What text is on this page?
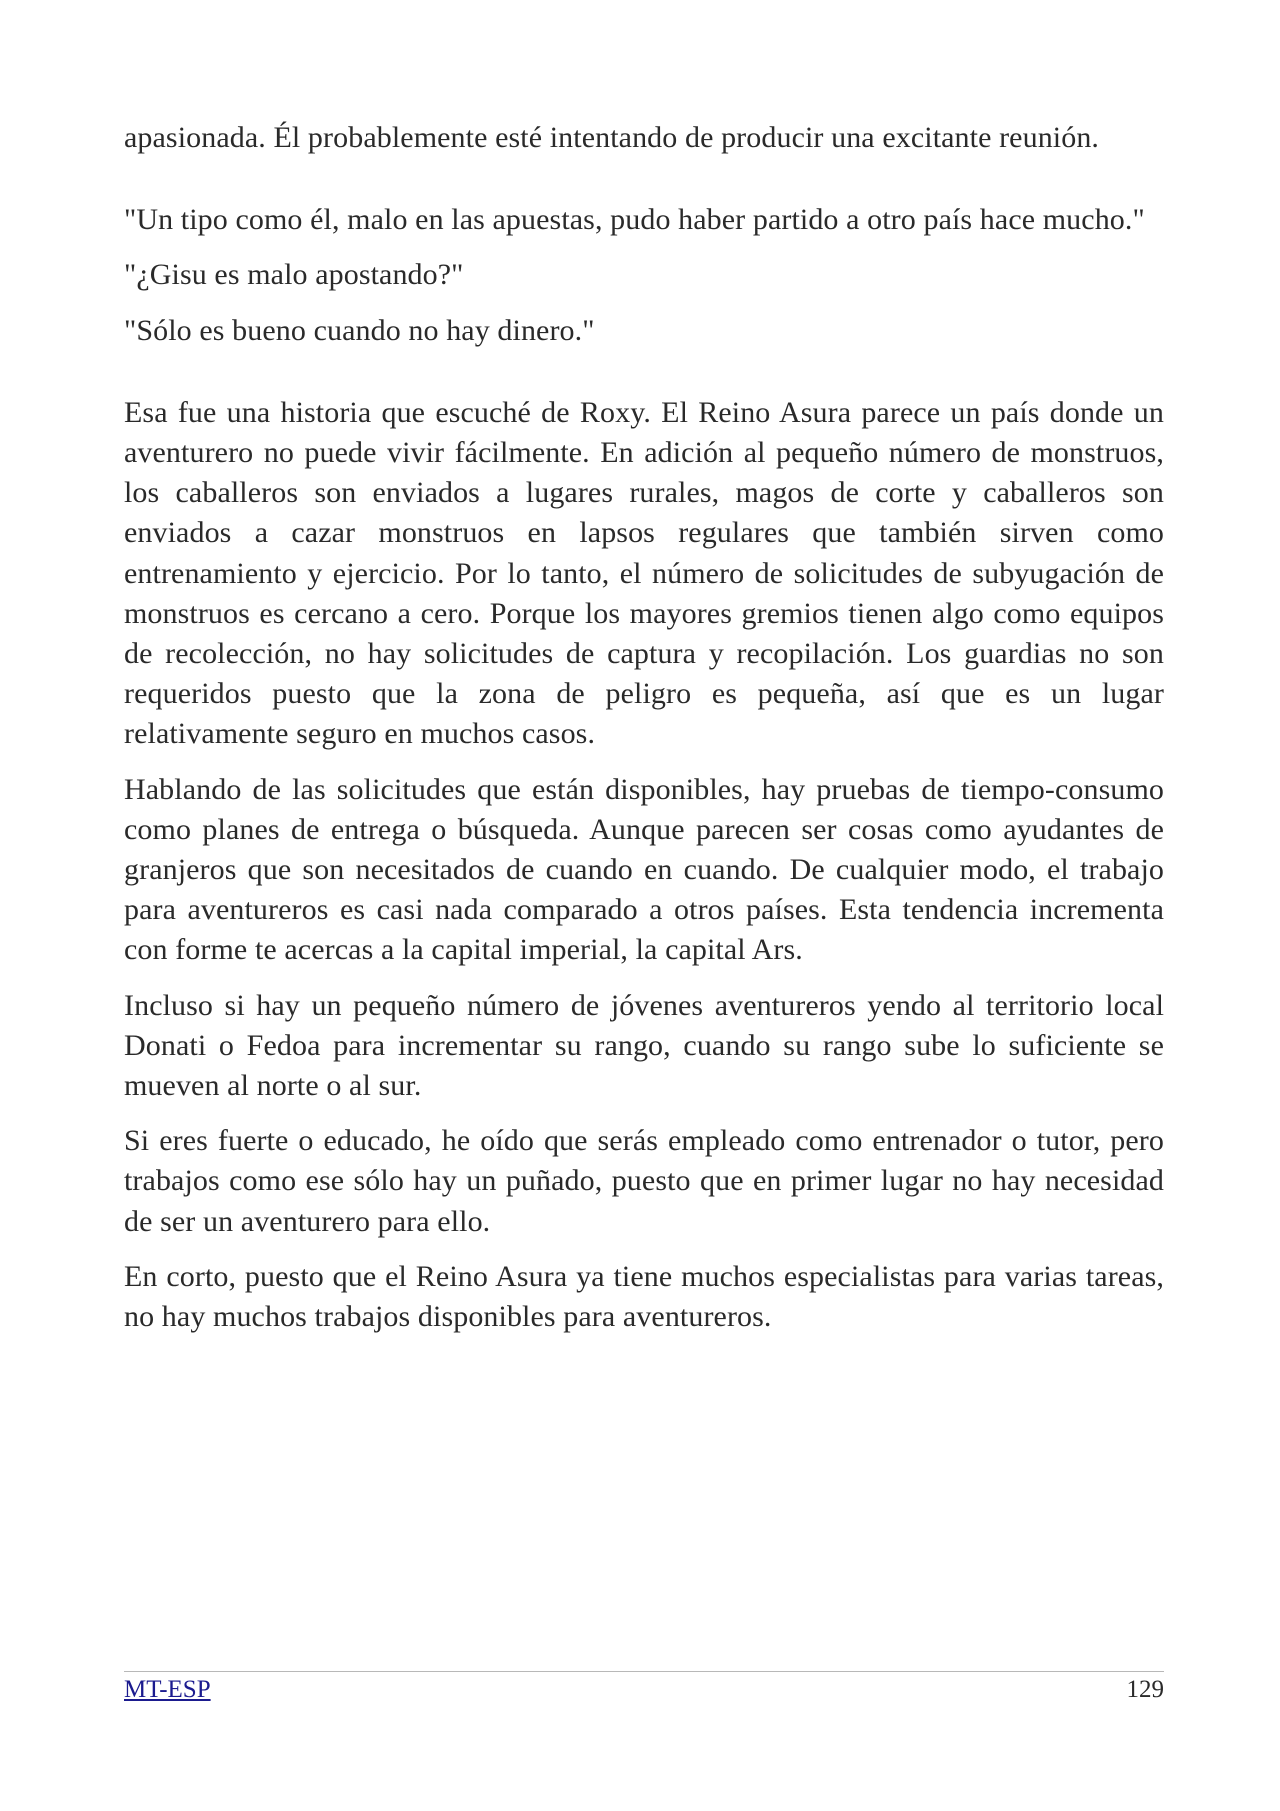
apasionada. Él probablemente esté intentando de producir una excitante reunión.

"Un tipo como él, malo en las apuestas, pudo haber partido a otro país hace mucho."

"¿Gisu es malo apostando?"

"Sólo es bueno cuando no hay dinero."

Esa fue una historia que escuché de Roxy. El Reino Asura parece un país donde un aventurero no puede vivir fácilmente. En adición al pequeño número de monstruos, los caballeros son enviados a lugares rurales, magos de corte y caballeros son enviados a cazar monstruos en lapsos regulares que también sirven como entrenamiento y ejercicio. Por lo tanto, el número de solicitudes de subyugación de monstruos es cercano a cero. Porque los mayores gremios tienen algo como equipos de recolección, no hay solicitudes de captura y recopilación. Los guardias no son requeridos puesto que la zona de peligro es pequeña, así que es un lugar relativamente seguro en muchos casos.

Hablando de las solicitudes que están disponibles, hay pruebas de tiempo-consumo como planes de entrega o búsqueda. Aunque parecen ser cosas como ayudantes de granjeros que son necesitados de cuando en cuando. De cualquier modo, el trabajo para aventureros es casi nada comparado a otros países. Esta tendencia incrementa con forme te acercas a la capital imperial, la capital Ars.

Incluso si hay un pequeño número de jóvenes aventureros yendo al territorio local Donati o Fedoa para incrementar su rango, cuando su rango sube lo suficiente se mueven al norte o al sur.

Si eres fuerte o educado, he oído que serás empleado como entrenador o tutor, pero trabajos como ese sólo hay un puñado, puesto que en primer lugar no hay necesidad de ser un aventurero para ello.

En corto, puesto que el Reino Asura ya tiene muchos especialistas para varias tareas, no hay muchos trabajos disponibles para aventureros.

MT-ESP	129
